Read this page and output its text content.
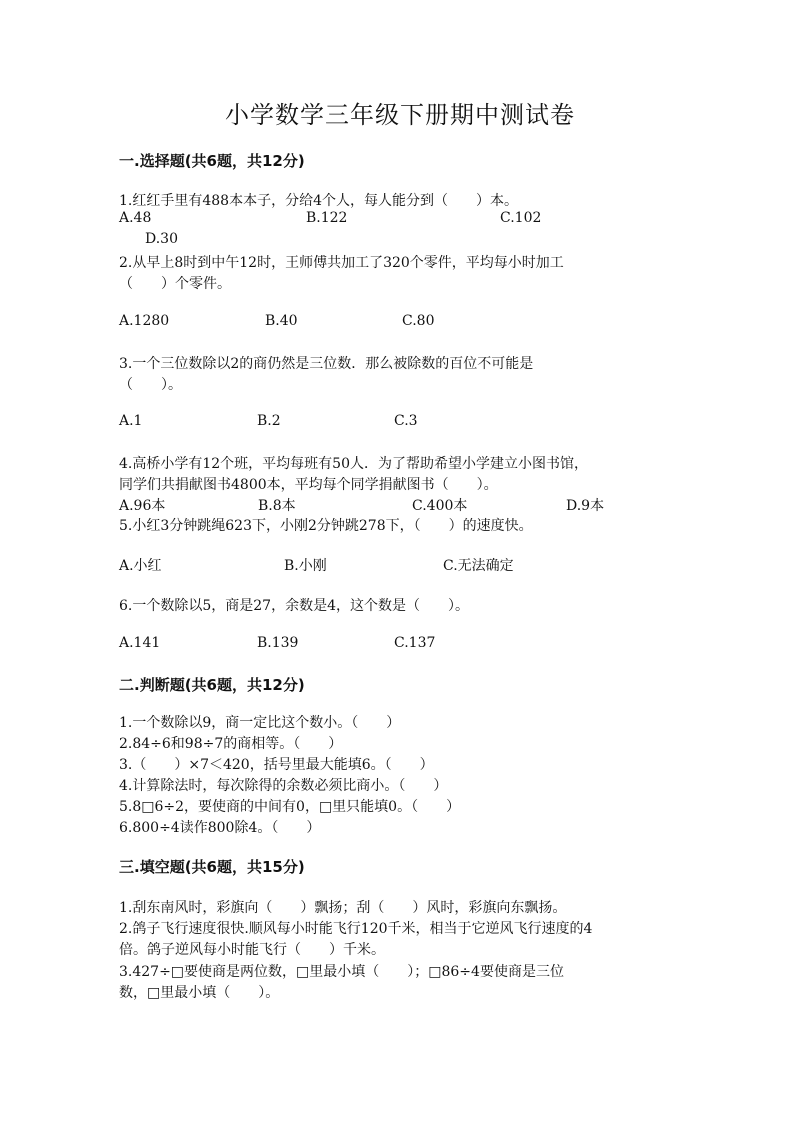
小学数学三年级下册期中测试卷
一.选择题(共6题，共12分)
1.红红手里有488本本子，分给4个人，每人能分到（　　）本。
A.48	B.122	C.102
D.30
2.从早上8时到中午12时，王师傅共加工了320个零件，平均每小时加工
（　　）个零件。
A.1280	B.40	C.80
3.一个三位数除以2的商仍然是三位数．那么被除数的百位不可能是
（　　）。
A.1	B.2	C.3
4.高桥小学有12个班，平均每班有50人．为了帮助希望小学建立小图书馆，
同学们共捐献图书4800本，平均每个同学捐献图书（　　）。
A.96本	B.8本	C.400本	D.9本
5.小红3分钟跳绳623下，小刚2分钟跳278下，（　　）的速度快。
A.小红	B.小刚	C.无法确定
6.一个数除以5，商是27，余数是4，这个数是（　　）。
A.141	B.139	C.137
二.判断题(共6题，共12分)
1.一个数除以9，商一定比这个数小。（　　）
2.84÷6和98÷7的商相等。（　　）
3.（　　）×7＜420，括号里最大能填6。（　　）
4.计算除法时，每次除得的余数必须比商小。（　　）
5.8□6÷2，要使商的中间有0，□里只能填0。（　　）
6.800÷4读作800除4。（　　）
三.填空题(共6题，共15分)
1.刮东南风时，彩旗向（　　）飘扬；刮（　　）风时，彩旗向东飘扬。
2.鸽子飞行速度很快.顺风每小时能飞行120千米，相当于它逆风飞行速度的4
倍。鸽子逆风每小时能飞行（　　）千米。
3.427÷□要使商是两位数，□里最小填（　　）；□86÷4要使商是三位
数，□里最小填（　　）。
